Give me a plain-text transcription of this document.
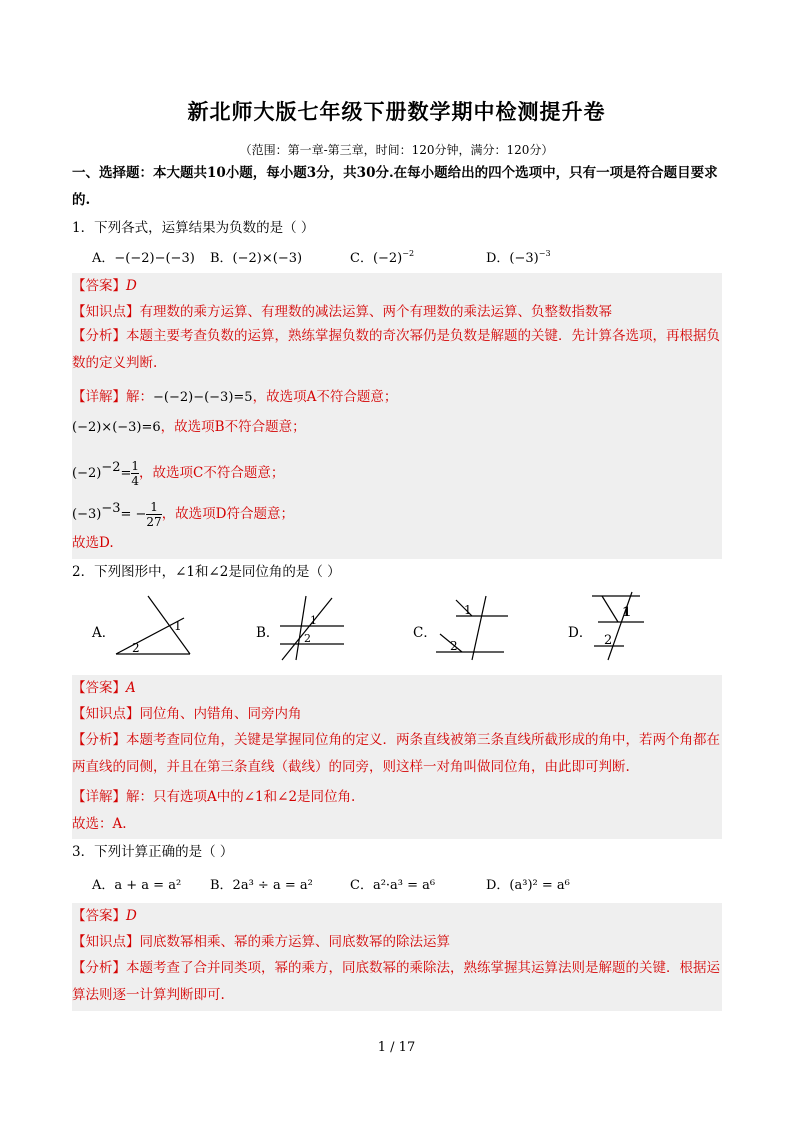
新北师大版七年级下册数学期中检测提升卷
（范围：第一章-第三章，时间：120分钟，满分：120分）
一、选择题：本大题共10小题，每小题3分，共30分.在每小题给出的四个选项中，只有一项是符合题目要求的.
1．下列各式，运算结果为负数的是（ ）
A．−(−2)−(−3) B．(−2)×(−3)	C．$(-2)^{-2}$	D．$(-3)^{-3}$
【答案】D
【知识点】有理数的乘方运算、有理数的减法运算、两个有理数的乘法运算、负整数指数幂
【分析】本题主要考查负数的运算，熟练掌握负数的奇次幂仍是负数是解题的关键．先计算各选项，再根据负数的定义判断.
【详解】解：−(−2)−(−3)=5，故选项A不符合题意；
(−2)×(−3)=6，故选项B不符合题意；
$(-2)^{-2}= \frac{1}{4}$ ，故选项C不符合题意；
$(-3)^{-3}= - \frac{1}{27}$ ，故选项D符合题意；
故选D.
2．下列图形中，∠1和∠2是同位角的是（ ）
A．	1
2
B．
1
2	C．
1
2
D．
1
2
【答案】A
【知识点】同位角、内错角、同旁内角
【分析】本题考查同位角，关键是掌握同位角的定义．两条直线被第三条直线所截形成的角中，若两个角都在两直线的同侧，并且在第三条直线（截线）的同旁，则这样一对角叫做同位角，由此即可判断.
【详解】解：只有选项A中的∠1和∠2是同位角.
故选：A.
3．下列计算正确的是（ ）
A．a + a = a² B．2a³ ÷ a = a²	C．a²·a³ = a⁶	D．(a³)² = a⁶
【答案】D
【知识点】同底数幂相乘、幂的乘方运算、同底数幂的除法运算
【分析】本题考查了合并同类项，幂的乘方，同底数幂的乘除法，熟练掌握其运算法则是解题的关键．根据运算法则逐一计算判断即可.
1 / 17
